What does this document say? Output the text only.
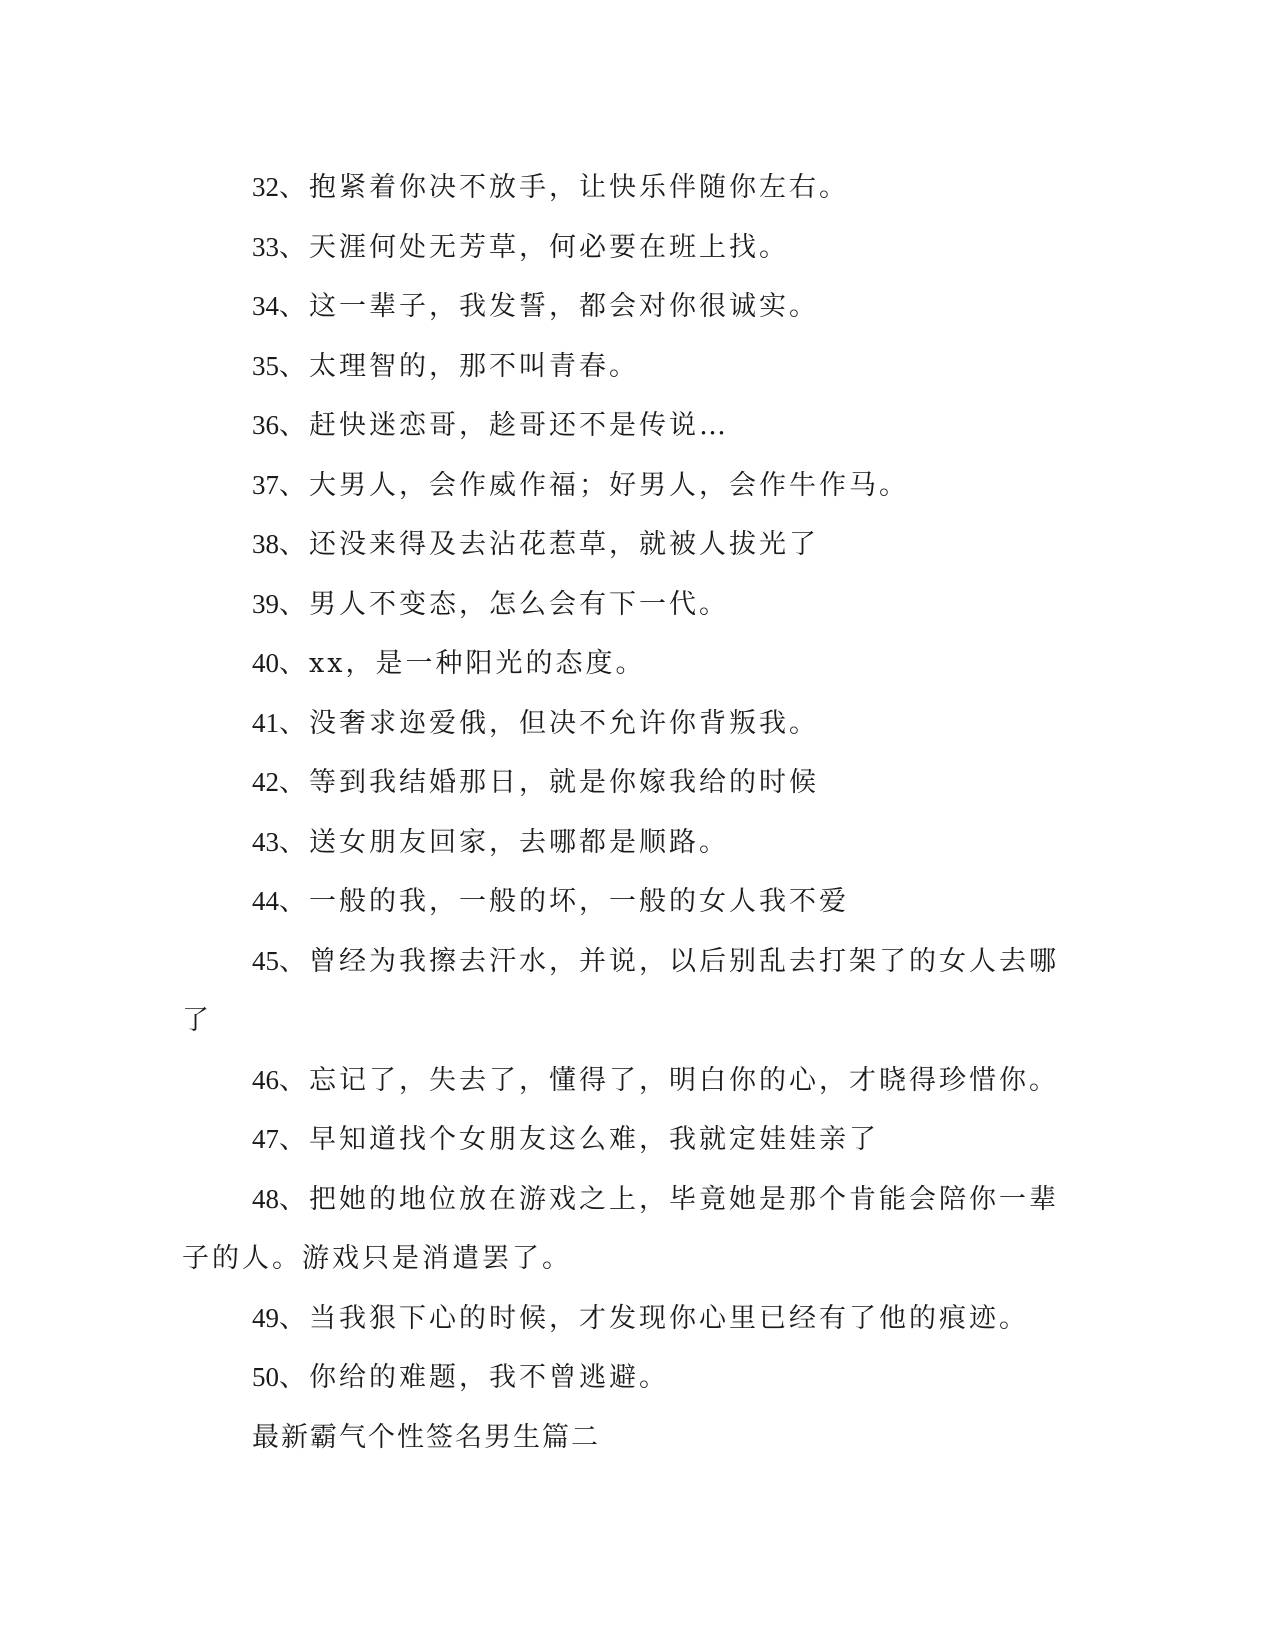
32、抱紧着你决不放手，让快乐伴随你左右。

33、天涯何处无芳草，何必要在班上找。

34、这一辈子，我发誓，都会对你很诚实。

35、太理智的，那不叫青春。

36、赶快迷恋哥，趁哥还不是传说…

37、大男人，会作威作福；好男人，会作牛作马。

38、还没来得及去沾花惹草，就被人拔光了

39、男人不变态，怎么会有下一代。

40、xx，是一种阳光的态度。

41、没奢求迩爱俄，但决不允许你背叛我。

42、等到我结婚那日，就是你嫁我给的时候

43、送女朋友回家，去哪都是顺路。

44、一般的我，一般的坏，一般的女人我不爱

45、曾经为我擦去汗水，并说，以后别乱去打架了的女人去哪了

46、忘记了，失去了，懂得了，明白你的心，才晓得珍惜你。

47、早知道找个女朋友这么难，我就定娃娃亲了

48、把她的地位放在游戏之上，毕竟她是那个肯能会陪你一辈子的人。游戏只是消遣罢了。

49、当我狠下心的时候，才发现你心里已经有了他的痕迹。

50、你给的难题，我不曾逃避。

最新霸气个性签名男生篇二
